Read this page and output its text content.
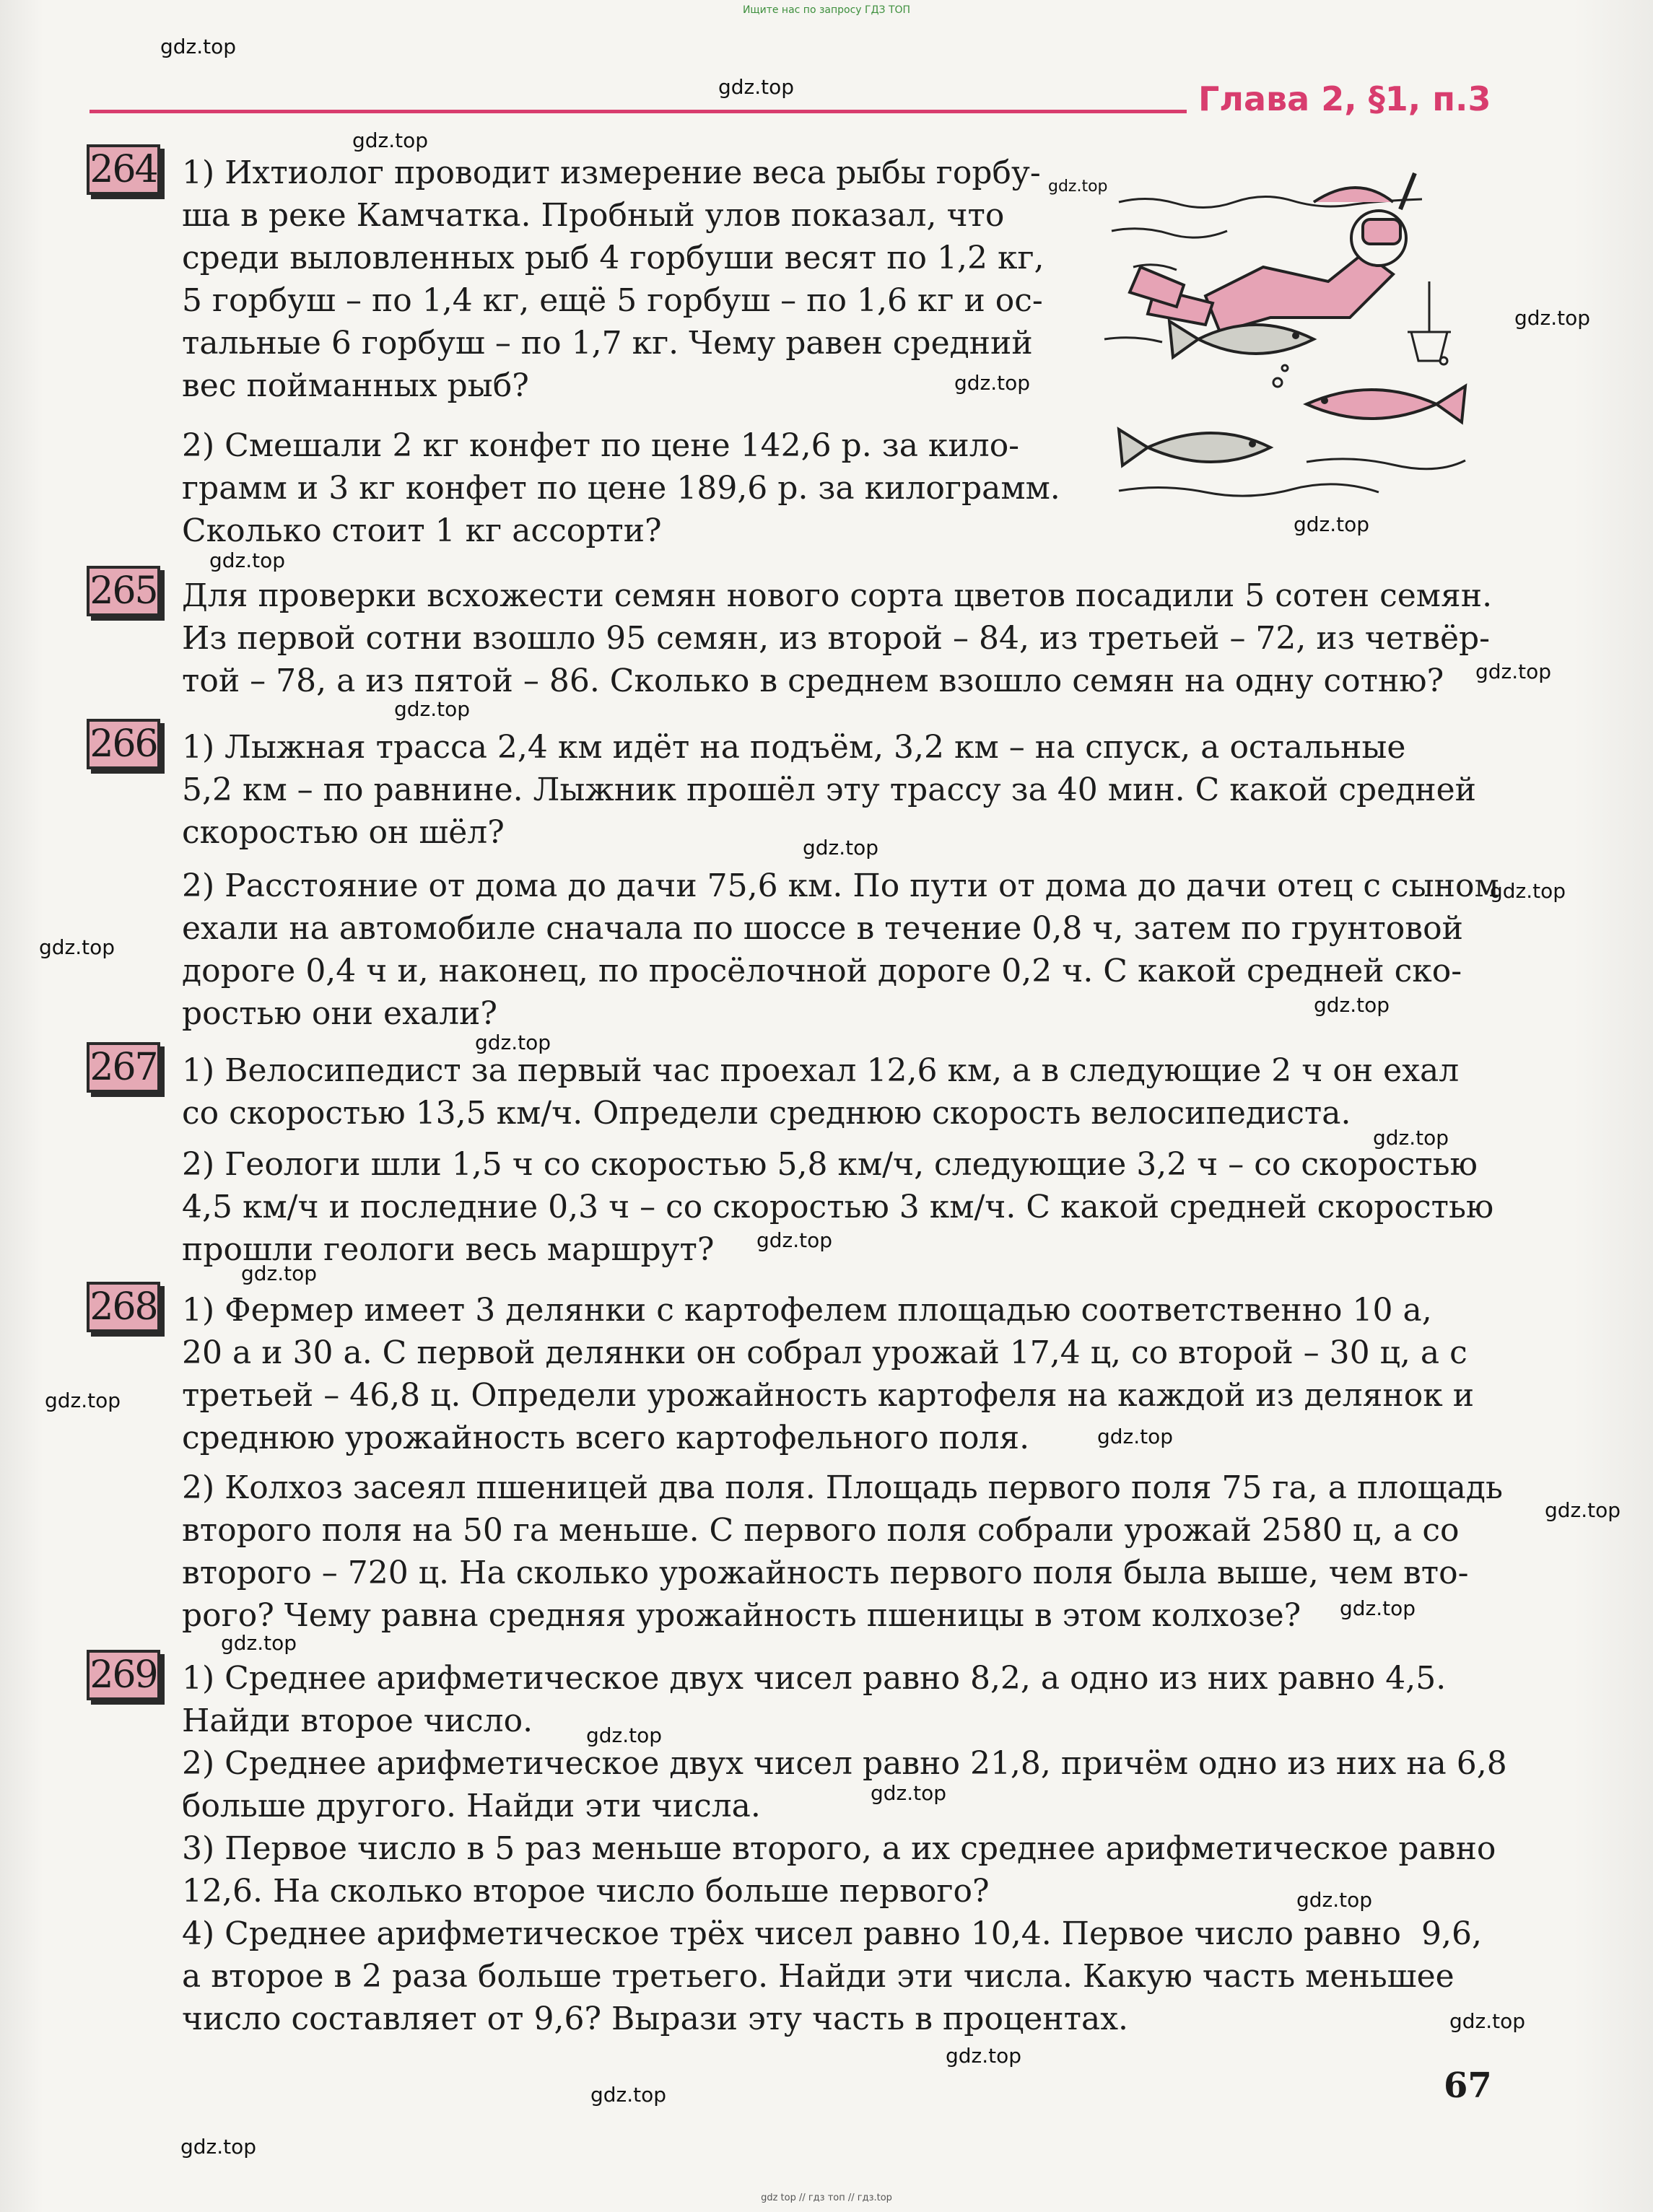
Ищите нас по запросу ГДЗ ТОП
Глава 2, §1, п.3
264 1) Ихтиолог проводит измерение веса рыбы горбу-
ша в реке Камчатка. Пробный улов показал, что
среди выловленных рыб 4 горбуши весят по 1,2 кг,
5 горбуш – по 1,4 кг, ещё 5 горбуш – по 1,6 кг и ос-
тальные 6 горбуш – по 1,7 кг. Чему равен средний
вес пойманных рыб?
2) Смешали 2 кг конфет по цене 142,6 р. за кило-
грамм и 3 кг конфет по цене 189,6 р. за килограмм.
Сколько стоит 1 кг ассорти?
265 Для проверки всхожести семян нового сорта цветов посадили 5 сотен семян.
Из первой сотни взошло 95 семян, из второй – 84, из третьей – 72, из четвёр-
той – 78, а из пятой – 86. Сколько в среднем взошло семян на одну сотню?
266 1) Лыжная трасса 2,4 км идёт на подъём, 3,2 км – на спуск, а остальные
5,2 км – по равнине. Лыжник прошёл эту трассу за 40 мин. С какой средней
скоростью он шёл?
2) Расстояние от дома до дачи 75,6 км. По пути от дома до дачи отец с сыном
ехали на автомобиле сначала по шоссе в течение 0,8 ч, затем по грунтовой
дороге 0,4 ч и, наконец, по просёлочной дороге 0,2 ч. С какой средней ско-
ростью они ехали?
267 1) Велосипедист за первый час проехал 12,6 км, а в следующие 2 ч он ехал
со скоростью 13,5 км/ч. Определи среднюю скорость велосипедиста.
2) Геологи шли 1,5 ч со скоростью 5,8 км/ч, следующие 3,2 ч – со скоростью
4,5 км/ч и последние 0,3 ч – со скоростью 3 км/ч. С какой средней скоростью
прошли геологи весь маршрут?
268 1) Фермер имеет 3 делянки с картофелем площадью соответственно 10 а,
20 а и 30 а. С первой делянки он собрал урожай 17,4 ц, со второй – 30 ц, а с
третьей – 46,8 ц. Определи урожайность картофеля на каждой из делянок и
среднюю урожайность всего картофельного поля.
2) Колхоз засеял пшеницей два поля. Площадь первого поля 75 га, а площадь
второго поля на 50 га меньше. С первого поля собрали урожай 2580 ц, а со
второго – 720 ц. На сколько урожайность первого поля была выше, чем вто-
рого? Чему равна средняя урожайность пшеницы в этом колхозе?
269 1) Среднее арифметическое двух чисел равно 8,2, а одно из них равно 4,5.
Найди второе число.
2) Среднее арифметическое двух чисел равно 21,8, причём одно из них на 6,8
больше другого. Найди эти числа.
3) Первое число в 5 раз меньше второго, а их среднее арифметическое равно
12,6. На сколько второе число больше первого?
4) Среднее арифметическое трёх чисел равно 10,4. Первое число равно  9,6,
а второе в 2 раза больше третьего. Найди эти числа. Какую часть меньшее
число составляет от 9,6? Вырази эту часть в процентах.
67
gdz.top
gdz.top
gdz.top
gdz.top
gdz.top
gdz.top
gdz.top
gdz.top
gdz.top
gdz.top
gdz.top
gdz.top
gdz.top
gdz.top
gdz.top
gdz.top
gdz.top
gdz.top
gdz.top
gdz.top
gdz.top
gdz.top
gdz.top
gdz.top
gdz.top
gdz.top
gdz.top
gdz.top
gdz.top
gdz.top
gdz top // гдз топ // гдз.top
